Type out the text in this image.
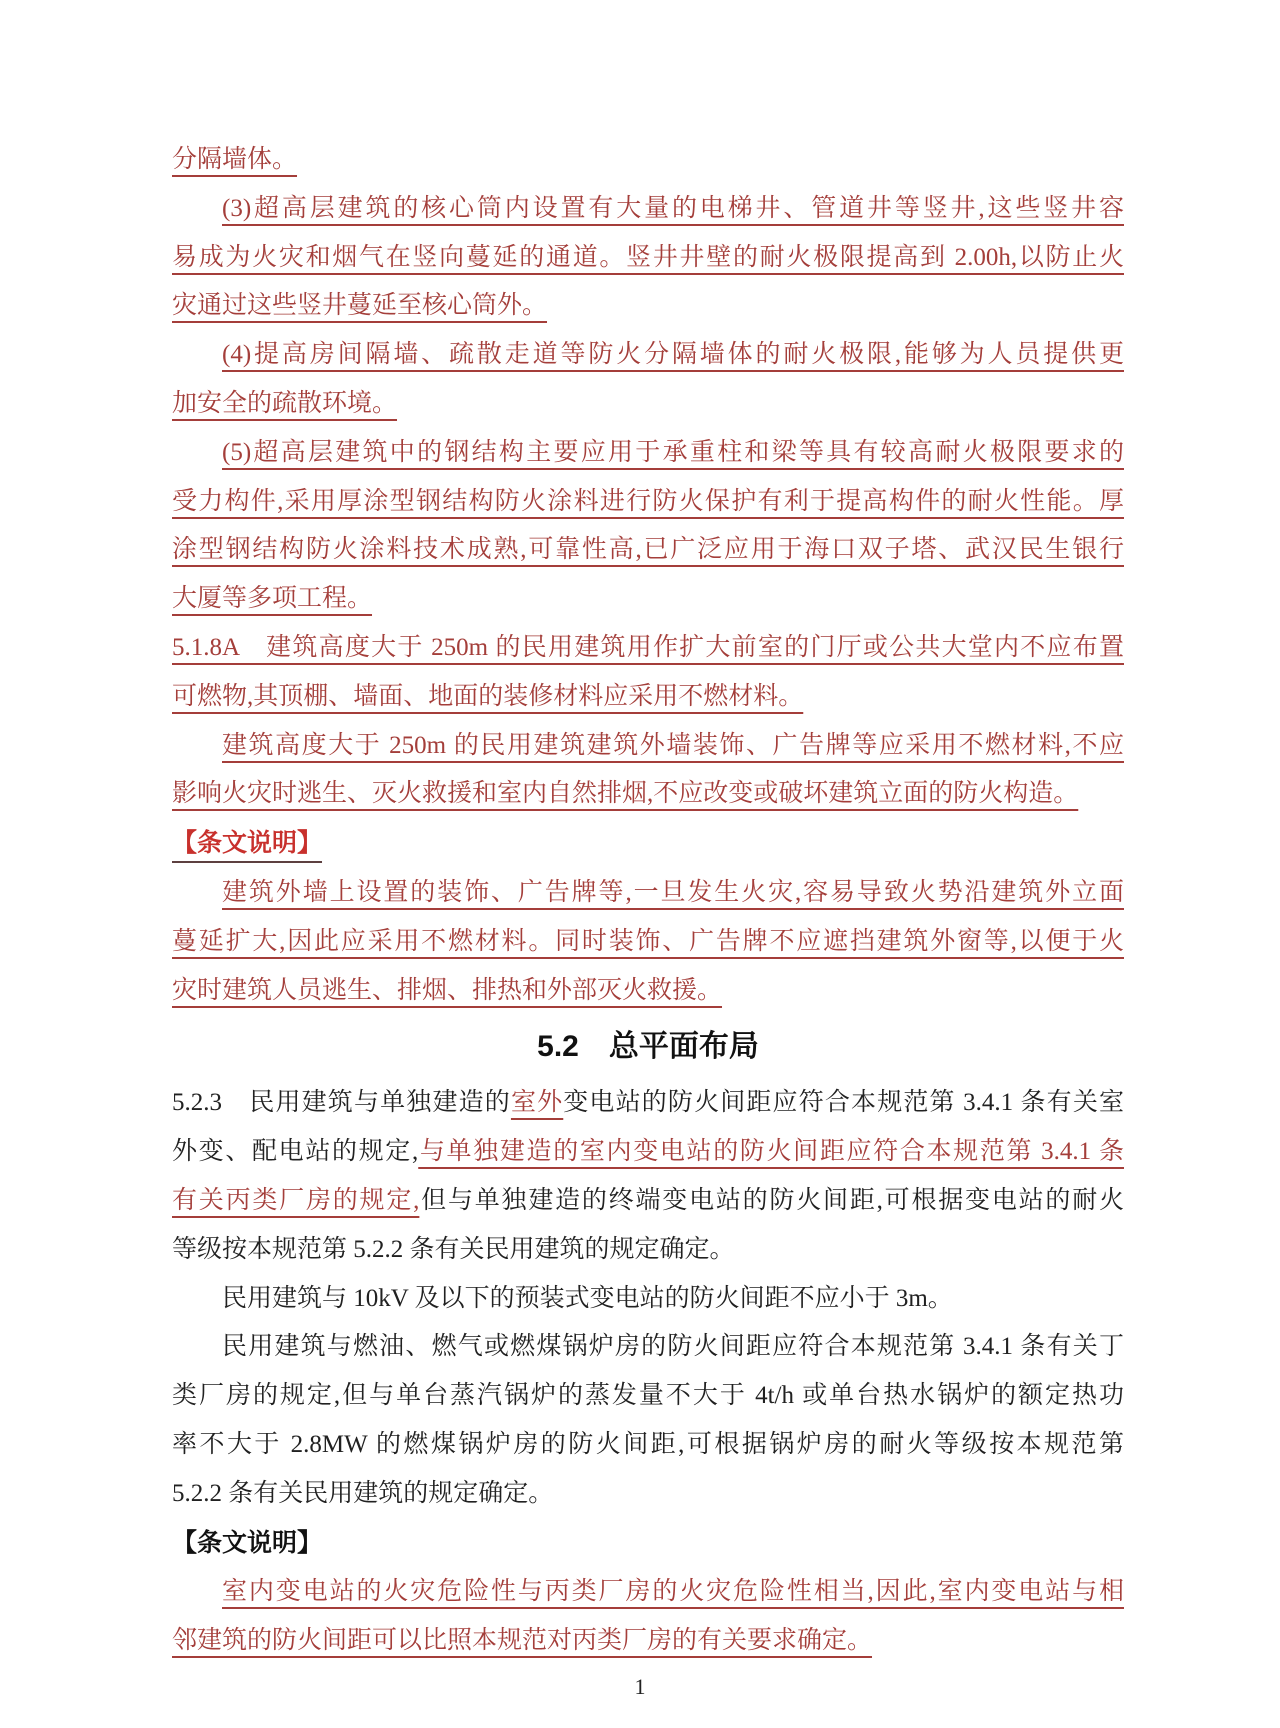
分隔墙体。
(3)超高层建筑的核心筒内设置有大量的电梯井、管道井等竖井,这些竖井容
易成为火灾和烟气在竖向蔓延的通道。竖井井壁的耐火极限提高到 2.00h,以防止火
灾通过这些竖井蔓延至核心筒外。
(4)提高房间隔墙、疏散走道等防火分隔墙体的耐火极限,能够为人员提供更
加安全的疏散环境。
(5)超高层建筑中的钢结构主要应用于承重柱和梁等具有较高耐火极限要求的
受力构件,采用厚涂型钢结构防火涂料进行防火保护有利于提高构件的耐火性能。厚
涂型钢结构防火涂料技术成熟,可靠性高,已广泛应用于海口双子塔、武汉民生银行
大厦等多项工程。
5.1.8A　建筑高度大于 250m 的民用建筑用作扩大前室的门厅或公共大堂内不应布置
可燃物,其顶棚、墙面、地面的装修材料应采用不燃材料。
建筑高度大于 250m 的民用建筑建筑外墙装饰、广告牌等应采用不燃材料,不应
影响火灾时逃生、灭火救援和室内自然排烟,不应改变或破坏建筑立面的防火构造。
【条文说明】
建筑外墙上设置的装饰、广告牌等,一旦发生火灾,容易导致火势沿建筑外立面
蔓延扩大,因此应采用不燃材料。同时装饰、广告牌不应遮挡建筑外窗等,以便于火
灾时建筑人员逃生、排烟、排热和外部灭火救援。
5.2　总平面布局
5.2.3　民用建筑与单独建造的室外变电站的防火间距应符合本规范第 3.4.1 条有关室
外变、配电站的规定,与单独建造的室内变电站的防火间距应符合本规范第 3.4.1 条
有关丙类厂房的规定,但与单独建造的终端变电站的防火间距,可根据变电站的耐火
等级按本规范第 5.2.2 条有关民用建筑的规定确定。
民用建筑与 10kV 及以下的预装式变电站的防火间距不应小于 3m。
民用建筑与燃油、燃气或燃煤锅炉房的防火间距应符合本规范第 3.4.1 条有关丁
类厂房的规定,但与单台蒸汽锅炉的蒸发量不大于 4t/h 或单台热水锅炉的额定热功
率不大于 2.8MW 的燃煤锅炉房的防火间距,可根据锅炉房的耐火等级按本规范第
5.2.2 条有关民用建筑的规定确定。
【条文说明】
室内变电站的火灾危险性与丙类厂房的火灾危险性相当,因此,室内变电站与相
邻建筑的防火间距可以比照本规范对丙类厂房的有关要求确定。
1
